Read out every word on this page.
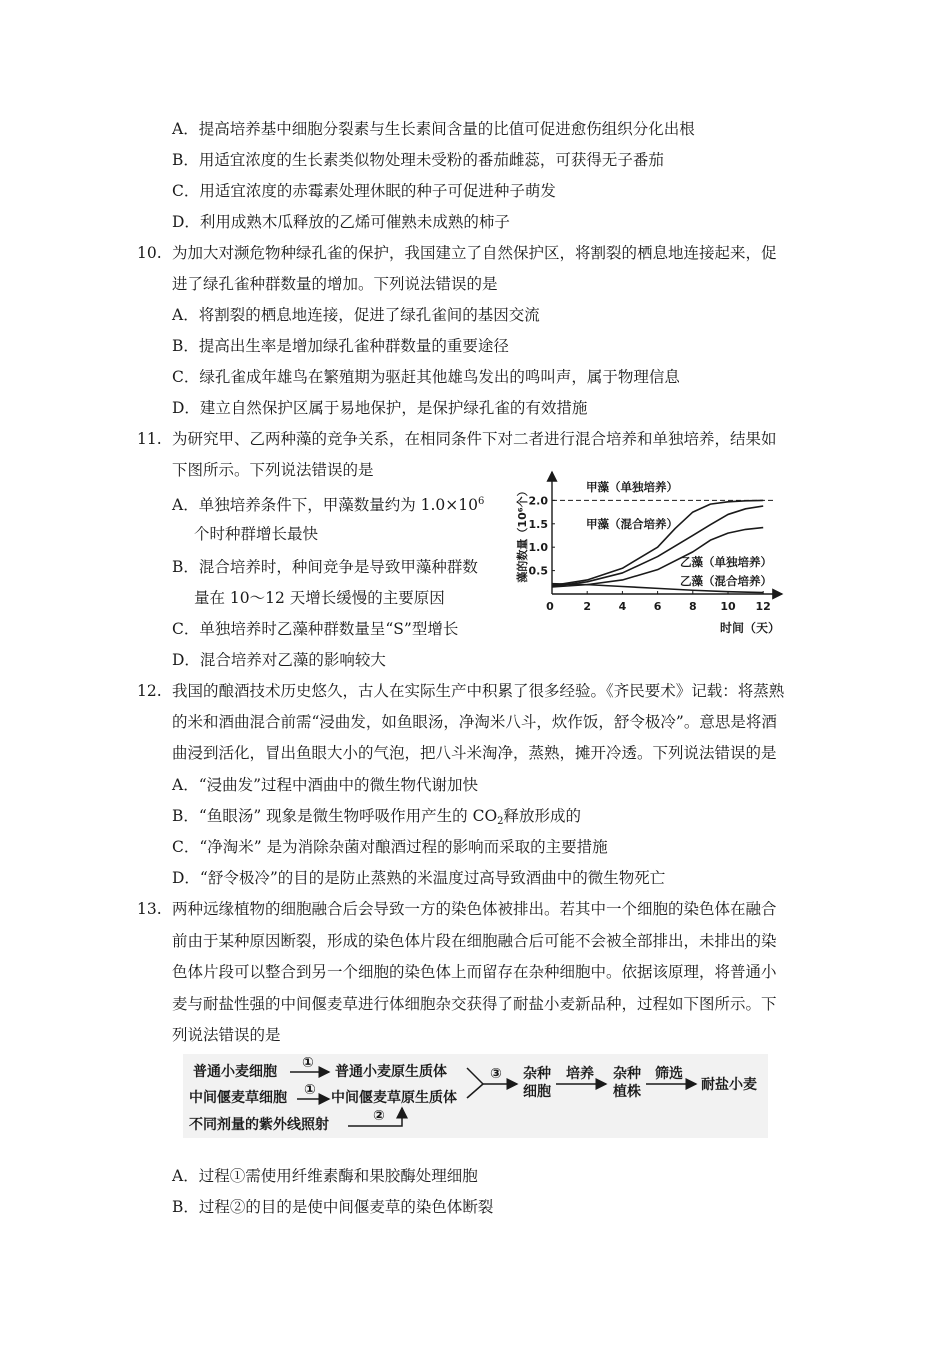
A．提高培养基中细胞分裂素与生长素间含量的比值可促进愈伤组织分化出根
B．用适宜浓度的生长素类似物处理未受粉的番茄雌蕊，可获得无子番茄
C．用适宜浓度的赤霉素处理休眠的种子可促进种子萌发
D．利用成熟木瓜释放的乙烯可催熟未成熟的柿子
10. 为加大对濒危物种绿孔雀的保护，我国建立了自然保护区，将割裂的栖息地连接起来，促
进了绿孔雀种群数量的增加。下列说法错误的是
A．将割裂的栖息地连接，促进了绿孔雀间的基因交流
B．提高出生率是增加绿孔雀种群数量的重要途径
C．绿孔雀成年雄鸟在繁殖期为驱赶其他雄鸟发出的鸣叫声，属于物理信息
D．建立自然保护区属于易地保护，是保护绿孔雀的有效措施
11. 为研究甲、乙两种藻的竞争关系，在相同条件下对二者进行混合培养和单独培养，结果如
下图所示。下列说法错误的是
A．单独培养条件下，甲藻数量约为 $1.0\times 10^6$
个时种群增长最快
B．混合培养时，种间竞争是导致甲藻种群数
量在 10～12 天增长缓慢的主要原因
C．单独培养时乙藻种群数量呈“S”型增长
D．混合培养对乙藻的影响较大
0	2	4	6	8 10 12
0.5
1.0
1.5
2.0
甲藻（单独培养）
甲藻（混合培养）
乙藻（单独培养）
乙藻（混合培养）
藻的数量（10⁶个）
时间（天）
12. 我国的酿酒技术历史悠久，古人在实际生产中积累了很多经验。《齐民要术》记载：将蒸熟
的米和酒曲混合前需“浸曲发，如鱼眼汤，净淘米八斗，炊作饭，舒令极冷”。意思是将酒
曲浸到活化，冒出鱼眼大小的气泡，把八斗米淘净，蒸熟，摊开冷透。下列说法错误的是
A．“浸曲发”过程中酒曲中的微生物代谢加快
B．“鱼眼汤” 现象是微生物呼吸作用产生的 $CO_2$释放形成的
C．“净淘米” 是为消除杂菌对酿酒过程的影响而采取的主要措施
D．“舒令极冷”的目的是防止蒸熟的米温度过高导致酒曲中的微生物死亡
13. 两种远缘植物的细胞融合后会导致一方的染色体被排出。若其中一个细胞的染色体在融合
前由于某种原因断裂，形成的染色体片段在细胞融合后可能不会被全部排出，未排出的染
色体片段可以整合到另一个细胞的染色体上而留存在杂种细胞中。依据该原理，将普通小
麦与耐盐性强的中间偃麦草进行体细胞杂交获得了耐盐小麦新品种，过程如下图所示。下
列说法错误的是
普通小麦细胞
中间偃麦草细胞
不同剂量的紫外线照射
①
①
普通小麦原生质体
中间偃麦草原生质体
②
③ 杂种
细胞
培养 杂种
植株
筛选
耐盐小麦
A．过程①需使用纤维素酶和果胶酶处理细胞
B．过程②的目的是使中间偃麦草的染色体断裂
